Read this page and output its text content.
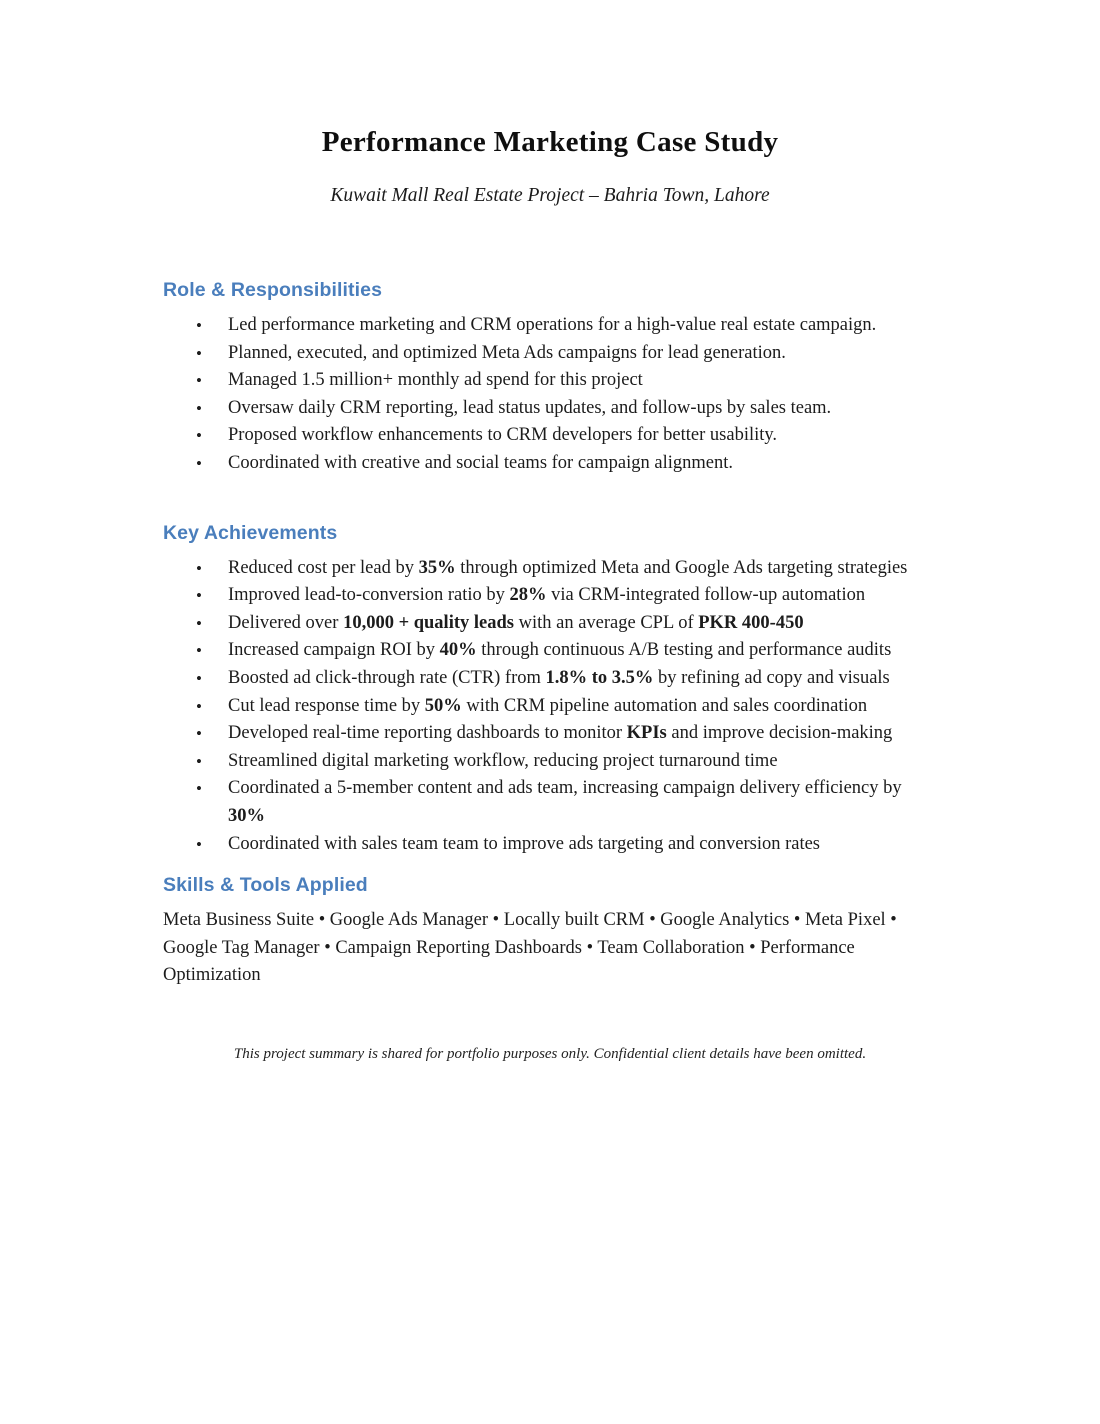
Performance Marketing Case Study

Kuwait Mall Real Estate Project – Bahria Town, Lahore

Role & Responsibilities
• Led performance marketing and CRM operations for a high-value real estate campaign.
• Planned, executed, and optimized Meta Ads campaigns for lead generation.
• Managed 1.5 million+ monthly ad spend for this project
• Oversaw daily CRM reporting, lead status updates, and follow-ups by sales team.
• Proposed workflow enhancements to CRM developers for better usability.
• Coordinated with creative and social teams for campaign alignment.
Key Achievements
• Reduced cost per lead by 35% through optimized Meta and Google Ads targeting strategies
• Improved lead-to-conversion ratio by 28% via CRM-integrated follow-up automation
• Delivered over 10,000 + quality leads with an average CPL of PKR 400-450
• Increased campaign ROI by 40% through continuous A/B testing and performance audits
• Boosted ad click-through rate (CTR) from 1.8% to 3.5% by refining ad copy and visuals
• Cut lead response time by 50% with CRM pipeline automation and sales coordination
• Developed real-time reporting dashboards to monitor KPIs and improve decision-making
• Streamlined digital marketing workflow, reducing project turnaround time
• Coordinated a 5-member content and ads team, increasing campaign delivery efficiency by 30%
• Coordinated with sales team team to improve ads targeting and conversion rates
Skills & Tools Applied

Meta Business Suite • Google Ads Manager • Locally built CRM • Google Analytics • Meta Pixel • Google Tag Manager • Campaign Reporting Dashboards • Team Collaboration • Performance Optimization

This project summary is shared for portfolio purposes only. Confidential client details have been omitted.
